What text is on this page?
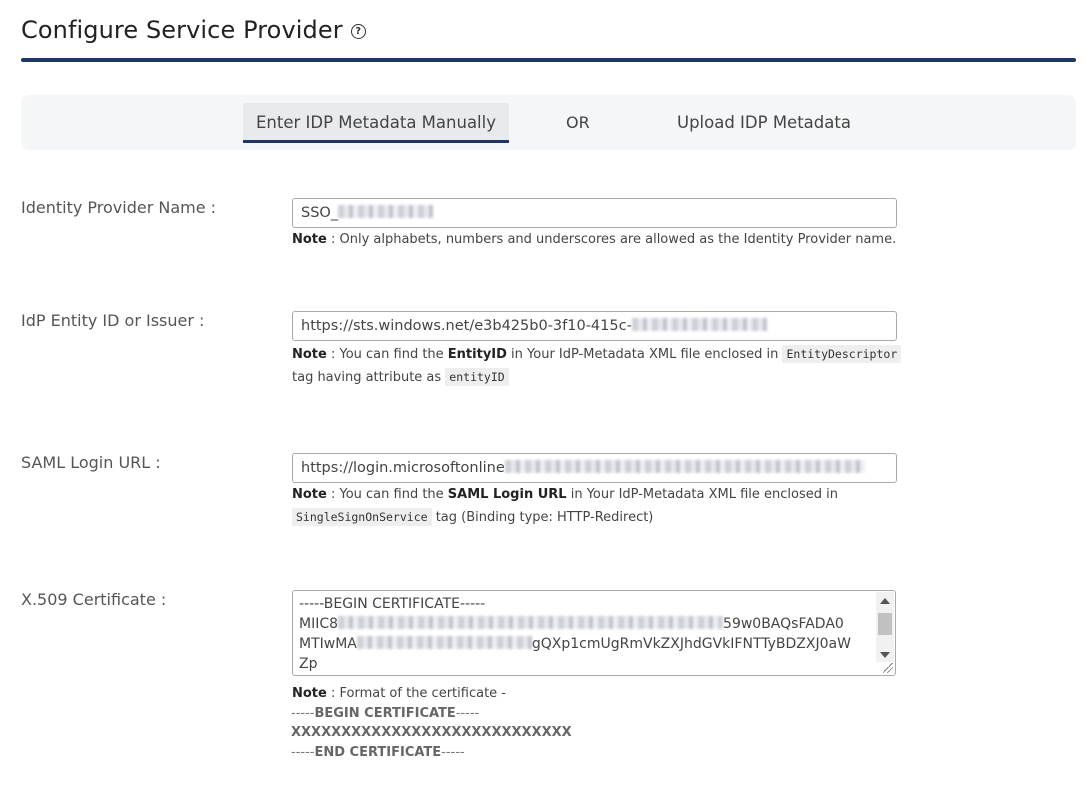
Configure Service Provider	?
Enter IDP Metadata Manually	OR	Upload IDP Metadata
Identity Provider Name :	SSO_
Note : Only alphabets, numbers and underscores are allowed as the Identity Provider name.
IdP Entity ID or Issuer :	https://sts.windows.net/e3b425b0-3f10-415c-
Note : You can find the EntityID in Your IdP-Metadata XML file enclosed in EntityDescriptor
tag having attribute as entityID
SAML Login URL :	https://login.microsoftonline
Note : You can find the SAML Login URL in Your IdP-Metadata XML file enclosed in
SingleSignOnService tag (Binding type: HTTP-Redirect)
X.509 Certificate :	-----BEGIN CERTIFICATE-----
MIIC8	59w0BAQsFADA0
MTIwMA	gQXp1cmUgRmVkZXJhdGVkIFNTTyBDZXJ0aW
Zp
Note : Format of the certificate -
-----BEGIN CERTIFICATE-----
XXXXXXXXXXXXXXXXXXXXXXXXXXXX
-----END CERTIFICATE-----
